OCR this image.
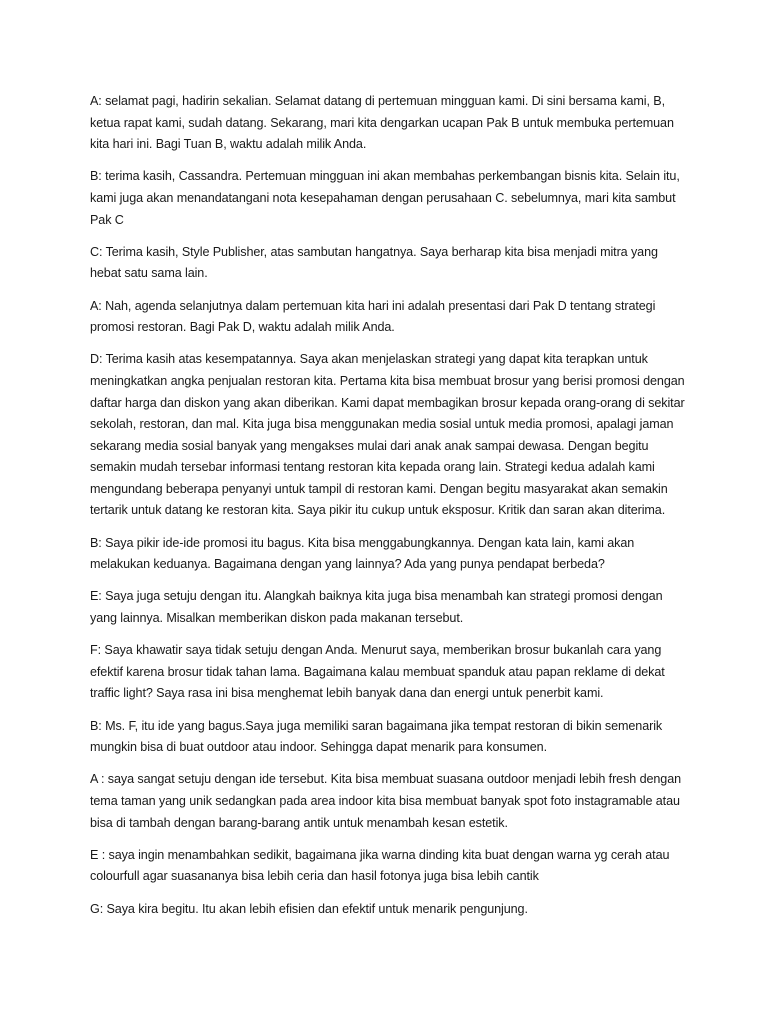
A: selamat pagi, hadirin sekalian. Selamat datang di pertemuan mingguan kami. Di sini bersama kami, B, ketua rapat kami, sudah datang. Sekarang, mari kita dengarkan ucapan Pak B untuk membuka pertemuan kita hari ini. Bagi Tuan B, waktu adalah milik Anda.

B: terima kasih, Cassandra. Pertemuan mingguan ini akan membahas perkembangan bisnis kita. Selain itu, kami juga akan menandatangani nota kesepahaman dengan perusahaan C. sebelumnya, mari kita sambut Pak C

C: Terima kasih, Style Publisher, atas sambutan hangatnya. Saya berharap kita bisa menjadi mitra yang hebat satu sama lain.

A: Nah, agenda selanjutnya dalam pertemuan kita hari ini adalah presentasi dari Pak D tentang strategi promosi restoran. Bagi Pak D, waktu adalah milik Anda.

D: Terima kasih atas kesempatannya. Saya akan menjelaskan strategi yang dapat kita terapkan untuk meningkatkan angka penjualan restoran kita. Pertama kita bisa membuat brosur yang berisi promosi dengan daftar harga dan diskon yang akan diberikan. Kami dapat membagikan brosur kepada orang-orang di sekitar sekolah, restoran, dan mal. Kita juga bisa menggunakan media sosial untuk media promosi, apalagi jaman sekarang media sosial banyak yang mengakses mulai dari anak anak sampai dewasa. Dengan begitu semakin mudah tersebar informasi tentang restoran kita kepada orang lain. Strategi kedua adalah kami mengundang beberapa penyanyi untuk tampil di restoran kami. Dengan begitu masyarakat akan semakin tertarik untuk datang ke restoran kita. Saya pikir itu cukup untuk eksposur. Kritik dan saran akan diterima.

B: Saya pikir ide-ide promosi itu bagus. Kita bisa menggabungkannya. Dengan kata lain, kami akan melakukan keduanya. Bagaimana dengan yang lainnya? Ada yang punya pendapat berbeda?

E: Saya juga setuju dengan itu. Alangkah baiknya kita juga bisa menambah kan strategi promosi dengan yang lainnya. Misalkan memberikan diskon pada makanan tersebut.

F: Saya khawatir saya tidak setuju dengan Anda. Menurut saya, memberikan brosur bukanlah cara yang efektif karena brosur tidak tahan lama. Bagaimana kalau membuat spanduk atau papan reklame di dekat traffic light? Saya rasa ini bisa menghemat lebih banyak dana dan energi untuk penerbit kami.

B: Ms. F, itu ide yang bagus.Saya juga memiliki saran bagaimana jika tempat restoran di bikin semenarik mungkin bisa di buat outdoor atau indoor. Sehingga dapat menarik para konsumen.

A : saya sangat setuju dengan ide tersebut. Kita bisa membuat suasana outdoor menjadi lebih fresh dengan tema taman yang unik sedangkan pada area indoor kita bisa membuat banyak spot foto instagramable atau bisa di tambah dengan barang-barang antik untuk menambah kesan estetik.

E : saya ingin menambahkan sedikit, bagaimana jika warna dinding kita buat dengan warna yg cerah atau colourfull agar suasananya bisa lebih ceria dan hasil fotonya juga bisa lebih cantik

G: Saya kira begitu. Itu akan lebih efisien dan efektif untuk menarik pengunjung.
